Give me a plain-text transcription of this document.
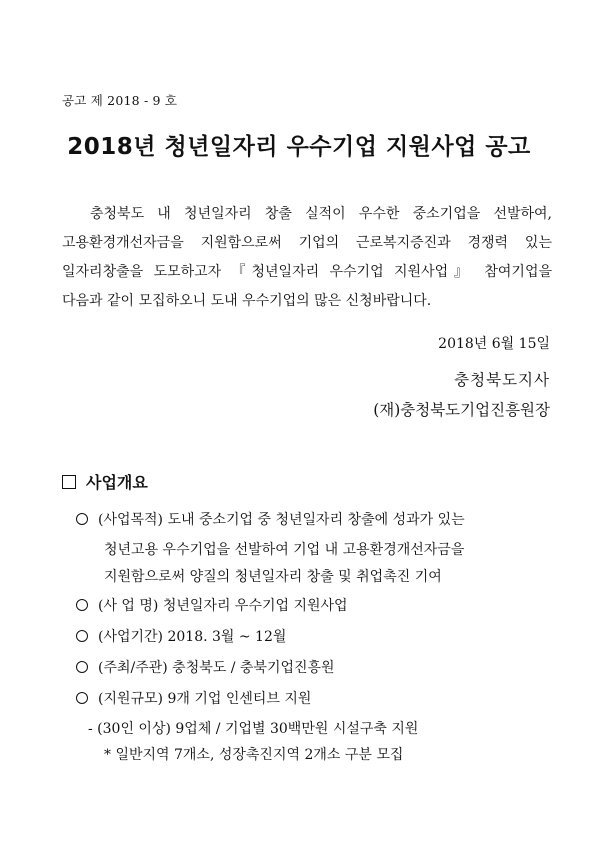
공고 제 2018 - 9 호
2018년 청년일자리 우수기업 지원사업 공고
충청북도 내 청년일자리 창출 실적이 우수한 중소기업을 선발하여,
고용환경개선자금을 지원함으로써 기업의 근로복지증진과 경쟁력 있는
일자리창출을 도모하고자 『청년일자리 우수기업 지원사업』 참여기업을
다음과 같이 모집하오니 도내 우수기업의 많은 신청바랍니다.
2018년 6월 15일
충청북도지사
(재)충청북도기업진흥원장
사업개요
(사업목적) 도내 중소기업 중 청년일자리 창출에 성과가 있는
청년고용 우수기업을 선발하여 기업 내 고용환경개선자금을
지원함으로써 양질의 청년일자리 창출 및 취업촉진 기여
(사 업 명) 청년일자리 우수기업 지원사업
(사업기간) 2018. 3월 ~ 12월
(주최/주관) 충청북도 / 충북기업진흥원
(지원규모) 9개 기업 인센티브 지원
- (30인 이상) 9업체 / 기업별 30백만원 시설구축 지원
* 일반지역 7개소, 성장촉진지역 2개소 구분 모집
